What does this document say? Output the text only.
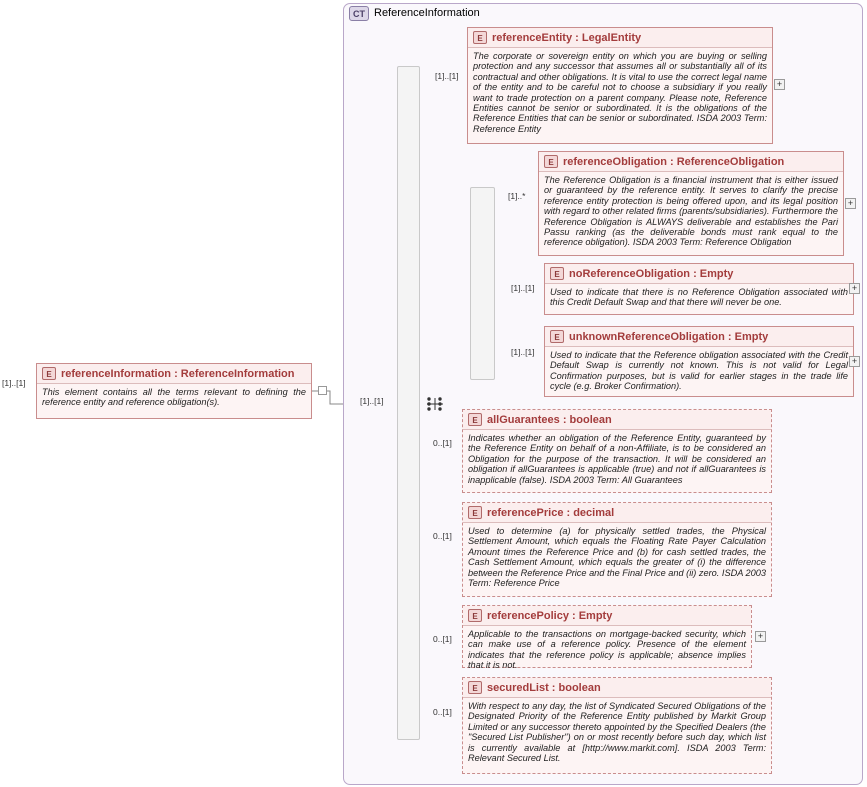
CT ReferenceInformation
E referenceInformation : ReferenceInformation
This element contains all the terms relevant to defining the reference entity and reference obligation(s).
[1]..[1]
[1]..[1]
E referenceEntity : LegalEntity
The corporate or sovereign entity on which you are buying or selling protection and any successor that assumes all or substantially all of its contractual and other obligations. It is vital to use the correct legal name of the entity and to be careful not to choose a subsidiary if you really want to trade protection on a parent company. Please note, Reference Entities cannot be senior or subordinated. It is the obligations of the Reference Entities that can be senior or subordinated. ISDA 2003 Term: Reference Entity
[1]..[1]
+
E referenceObligation : ReferenceObligation
The Reference Obligation is a financial instrument that is either issued or guaranteed by the reference entity. It serves to clarify the precise reference entity protection is being offered upon, and its legal position with regard to other related firms (parents/subsidiaries). Furthermore the Reference Obligation is ALWAYS deliverable and establishes the Pari Passu ranking (as the deliverable bonds must rank equal to the reference obligation). ISDA 2003 Term: Reference Obligation
[1]..*
+
E noReferenceObligation : Empty
Used to indicate that there is no Reference Obligation associated with this Credit Default Swap and that there will never be one.
[1]..[1]	+
E unknownReferenceObligation : Empty
Used to indicate that the Reference obligation associated with the Credit Default Swap is currently not known. This is not valid for Legal Confirmation purposes, but is valid for earlier stages in the trade life cycle (e.g. Broker Confirmation).
[1]..[1]
+
E allGuarantees : boolean
Indicates whether an obligation of the Reference Entity, guaranteed by the Reference Entity on behalf of a non-Affiliate, is to be considered an Obligation for the purpose of the transaction. It will be considered an obligation if allGuarantees is applicable (true) and not if allGuarantees is inapplicable (false). ISDA 2003 Term: All Guarantees
0..[1]
E referencePrice : decimal
Used to determine (a) for physically settled trades, the Physical Settlement Amount, which equals the Floating Rate Payer Calculation Amount times the Reference Price and (b) for cash settled trades, the Cash Settlement Amount, which equals the greater of (i) the difference between the Reference Price and the Final Price and (ii) zero. ISDA 2003 Term: Reference Price
0..[1]
E referencePolicy : Empty
Applicable to the transactions on mortgage-backed security, which can make use of a reference policy. Presence of the element indicates that the reference policy is applicable; absence implies that it is not.
0..[1]	+
E securedList : boolean
With respect to any day, the list of Syndicated Secured Obligations of the Designated Priority of the Reference Entity published by Markit Group Limited or any successor thereto appointed by the Specified Dealers (the "Secured List Publisher") on or most recently before such day, which list is currently available at [http://www.markit.com]. ISDA 2003 Term: Relevant Secured List.
0..[1]
